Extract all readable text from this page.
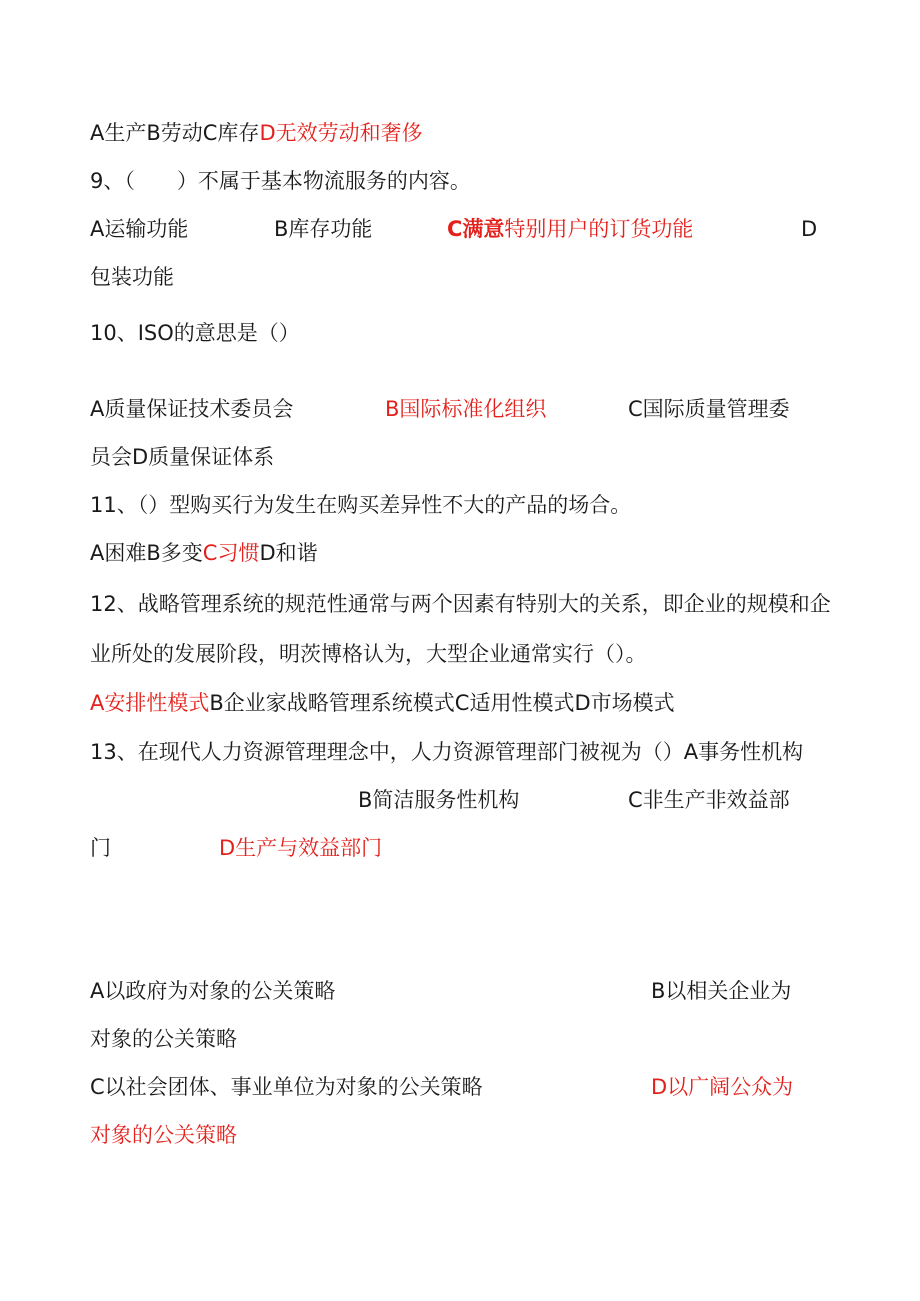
A生产B劳动C库存D无效劳动和奢侈
9、（　　）不属于基本物流服务的内容。
A运输功能	B库存功能	C满意特别用户的订货功能	D
包装功能
10、ISO的意思是（）
A质量保证技术委员会	B国际标准化组织	C国际质量管理委
员会D质量保证体系
11、（）型购买行为发生在购买差异性不大的产品的场合。
A困难B多变C习惯D和谐
12、战略管理系统的规范性通常与两个因素有特别大的关系，即企业的规模和企
业所处的发展阶段，明茨博格认为，大型企业通常实行（）。
A安排性模式B企业家战略管理系统模式C适用性模式D市场模式
13、在现代人力资源管理理念中，人力资源管理部门被视为（）A事务性机构
B简洁服务性机构	C非生产非效益部
门	D生产与效益部门
A以政府为对象的公关策略	B以相关企业为
对象的公关策略
C以社会团体、事业单位为对象的公关策略	D以广阔公众为
对象的公关策略
